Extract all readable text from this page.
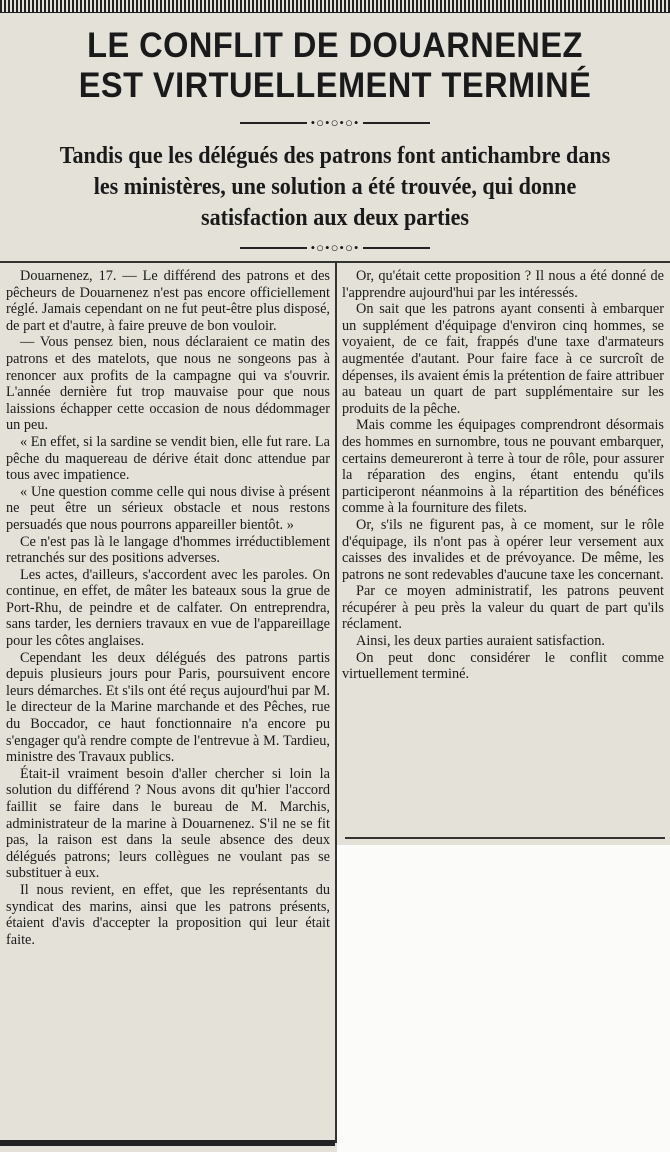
LE CONFLIT DE DOUARNENEZ
EST VIRTUELLEMENT TERMINÉ
•○•○•○•
Tandis que les délégués des patrons font antichambre dans
les ministères, une solution a été trouvée, qui donne
satisfaction aux deux parties
•○•○•○•

Douarnenez, 17. — Le différend des patrons et des pêcheurs de Douarnenez n'est pas encore officiellement réglé. Jamais cependant on ne fut peut-être plus disposé, de part et d'autre, à faire preuve de bon vouloir.

— Vous pensez bien, nous déclaraient ce matin des patrons et des matelots, que nous ne songeons pas à renoncer aux profits de la campagne qui va s'ouvrir. L'année dernière fut trop mauvaise pour que nous laissions échapper cette occasion de nous dédommager un peu.

« En effet, si la sardine se vendit bien, elle fut rare. La pêche du maquereau de dérive était donc attendue par tous avec impatience.

« Une question comme celle qui nous divise à présent ne peut être un sérieux obstacle et nous restons persuadés que nous pourrons appareiller bientôt. »

Ce n'est pas là le langage d'hommes irréductiblement retranchés sur des positions adverses.

Les actes, d'ailleurs, s'accordent avec les paroles. On continue, en effet, de mâter les bateaux sous la grue de Port-Rhu, de peindre et de calfater. On entreprendra, sans tarder, les derniers travaux en vue de l'appareillage pour les côtes anglaises.

Cependant les deux délégués des patrons partis depuis plusieurs jours pour Paris, poursuivent encore leurs démarches. Et s'ils ont été reçus aujourd'hui par M. le directeur de la Marine marchande et des Pêches, rue du Boccador, ce haut fonctionnaire n'a encore pu s'engager qu'à rendre compte de l'entrevue à M. Tardieu, ministre des Travaux publics.

Était-il vraiment besoin d'aller chercher si loin la solution du différend ? Nous avons dit qu'hier l'accord faillit se faire dans le bureau de M. Marchis, administrateur de la marine à Douarnenez. S'il ne se fit pas, la raison est dans la seule absence des deux délégués patrons; leurs collègues ne voulant pas se substituer à eux.

Il nous revient, en effet, que les représentants du syndicat des marins, ainsi que les patrons présents, étaient d'avis d'accepter la proposition qui leur était faite.

Or, qu'était cette proposition ? Il nous a été donné de l'apprendre aujourd'hui par les intéressés.

On sait que les patrons ayant consenti à embarquer un supplément d'équipage d'environ cinq hommes, se voyaient, de ce fait, frappés d'une taxe d'armateurs augmentée d'autant. Pour faire face à ce surcroît de dépenses, ils avaient émis la prétention de faire attribuer au bateau un quart de part supplémentaire sur les produits de la pêche.

Mais comme les équipages comprendront désormais des hommes en surnombre, tous ne pouvant embarquer, certains demeureront à terre à tour de rôle, pour assurer la réparation des engins, étant entendu qu'ils participeront néanmoins à la répartition des bénéfices comme à la fourniture des filets.

Or, s'ils ne figurent pas, à ce moment, sur le rôle d'équipage, ils n'ont pas à opérer leur versement aux caisses des invalides et de prévoyance. De même, les patrons ne sont redevables d'aucune taxe les concernant.

Par ce moyen administratif, les patrons peuvent récupérer à peu près la valeur du quart de part qu'ils réclament.

Ainsi, les deux parties auraient satisfaction.

On peut donc considérer le conflit comme virtuellement terminé.
